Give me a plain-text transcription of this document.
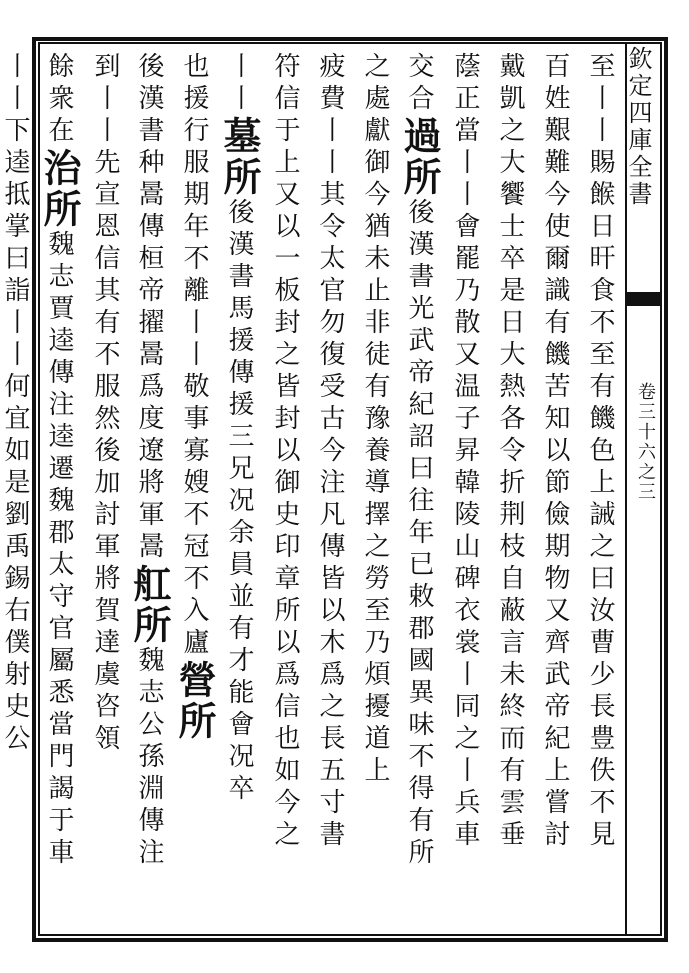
欽定四庫全書
卷三十六之三
至丨丨賜餱日旰食不至有饑色上誡之曰汝曹少長豊佚不見
百姓艱難今使爾識有饑苦知以節儉期物又齊武帝紀上嘗討
戴凱之大饗士卒是日大熱各令折荆枝自蔽言未終而有雲垂
蔭正當丨丨會罷乃散又温子昇韓陵山碑衣裳丨同之丨兵車
交合過所後漢書光武帝紀詔曰往年已敕郡國異味不得有所
之處獻御今猶未止非徒有豫養導擇之勞至乃煩擾道上
疲費丨丨其令太官勿復受古今注凡傳皆以木爲之長五寸書
符信于上又以一板封之皆封以御史印章所以爲信也如今之
丨丨墓所後漢書馬援傳援三兄况余員並有才能會况卒
也援行服期年不離丨丨敬事寡嫂不冠不入廬營所
後漢書种暠傳桓帝擢暠爲度遼將軍暠舡所魏志公孫淵傳注
到丨丨先宣恩信其有不服然後加討軍將賀達虞咨領
餘衆在治所魏志賈逵傳注逵遷魏郡太守官屬悉當門謁于車
丨丨下逵抵掌曰詣丨丨何宜如是劉禹錫右僕射史公
